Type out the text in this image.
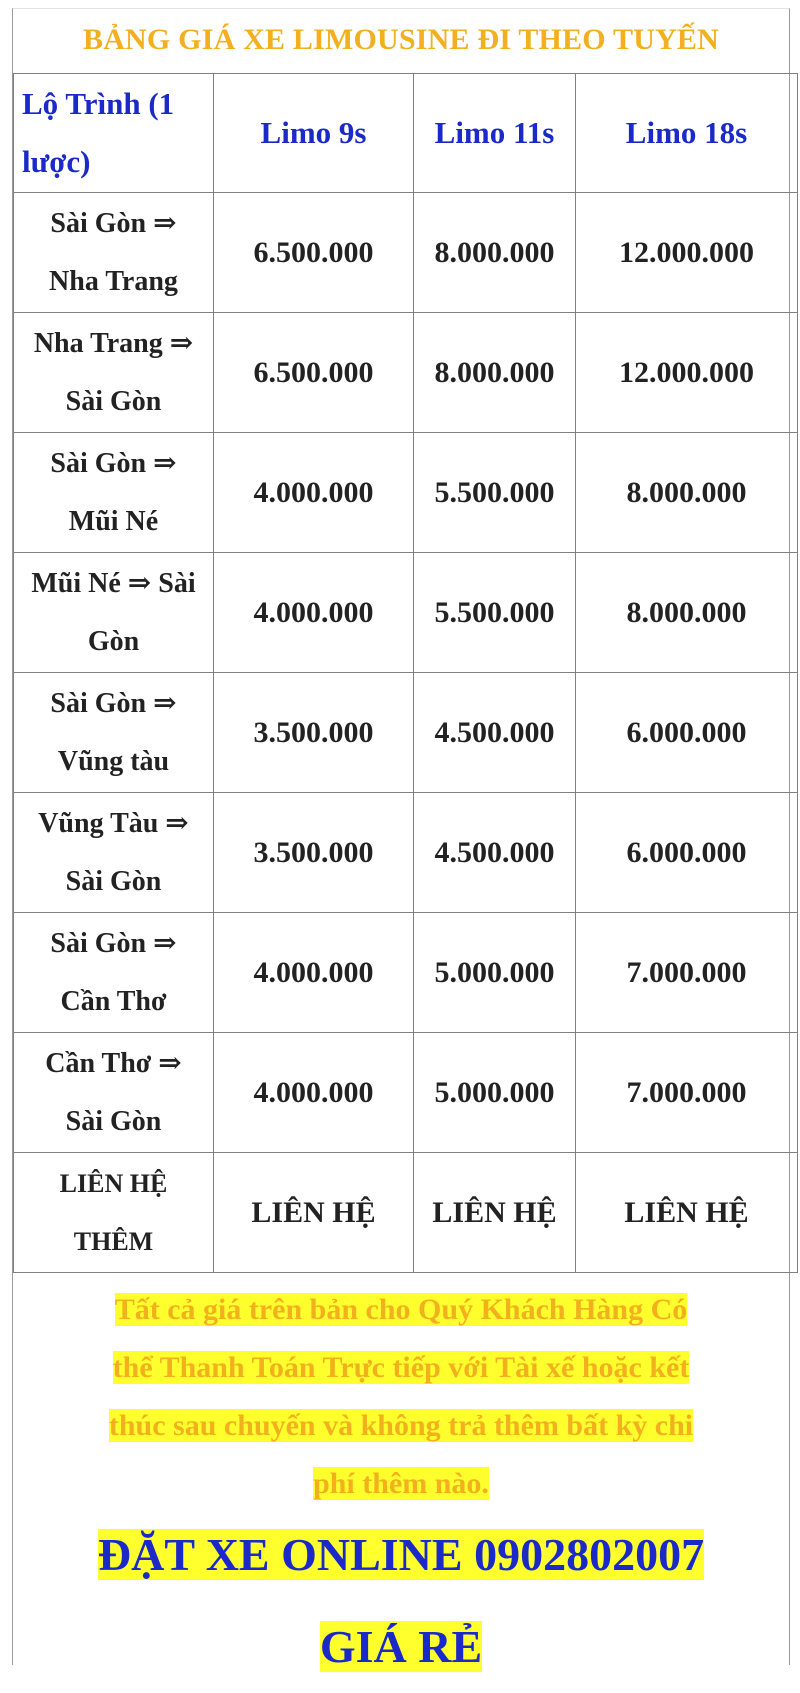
BẢNG GIÁ XE LIMOUSINE ĐI THEO TUYẾN
Lộ Trình (1
lược)	Limo 9s	Limo 11s	Limo 18s

Sài Gòn ⇒
Nha Trang	6.500.000	8.000.000	12.000.000

Nha Trang ⇒
Sài Gòn	6.500.000	8.000.000	12.000.000

Sài Gòn ⇒
Mũi Né	4.000.000	5.500.000	8.000.000

Mũi Né ⇒ Sài
Gòn	4.000.000	5.500.000	8.000.000

Sài Gòn ⇒
Vũng tàu	3.500.000	4.500.000	6.000.000

Vũng Tàu ⇒
Sài Gòn	3.500.000	4.500.000	6.000.000

Sài Gòn ⇒
Cần Thơ	4.000.000	5.000.000	7.000.000

Cần Thơ ⇒
Sài Gòn	4.000.000	5.000.000	7.000.000

LIÊN HỆ
THÊM	LIÊN HỆ	LIÊN HỆ	LIÊN HỆ
Tất cả giá trên bản cho Quý Khách Hàng Có
thể Thanh Toán Trực tiếp với Tài xế hoặc kết
thúc sau chuyến và không trả thêm bất kỳ chi
phí thêm nào.
ĐẶT XE ONLINE 0902802007
GIÁ RẺ
